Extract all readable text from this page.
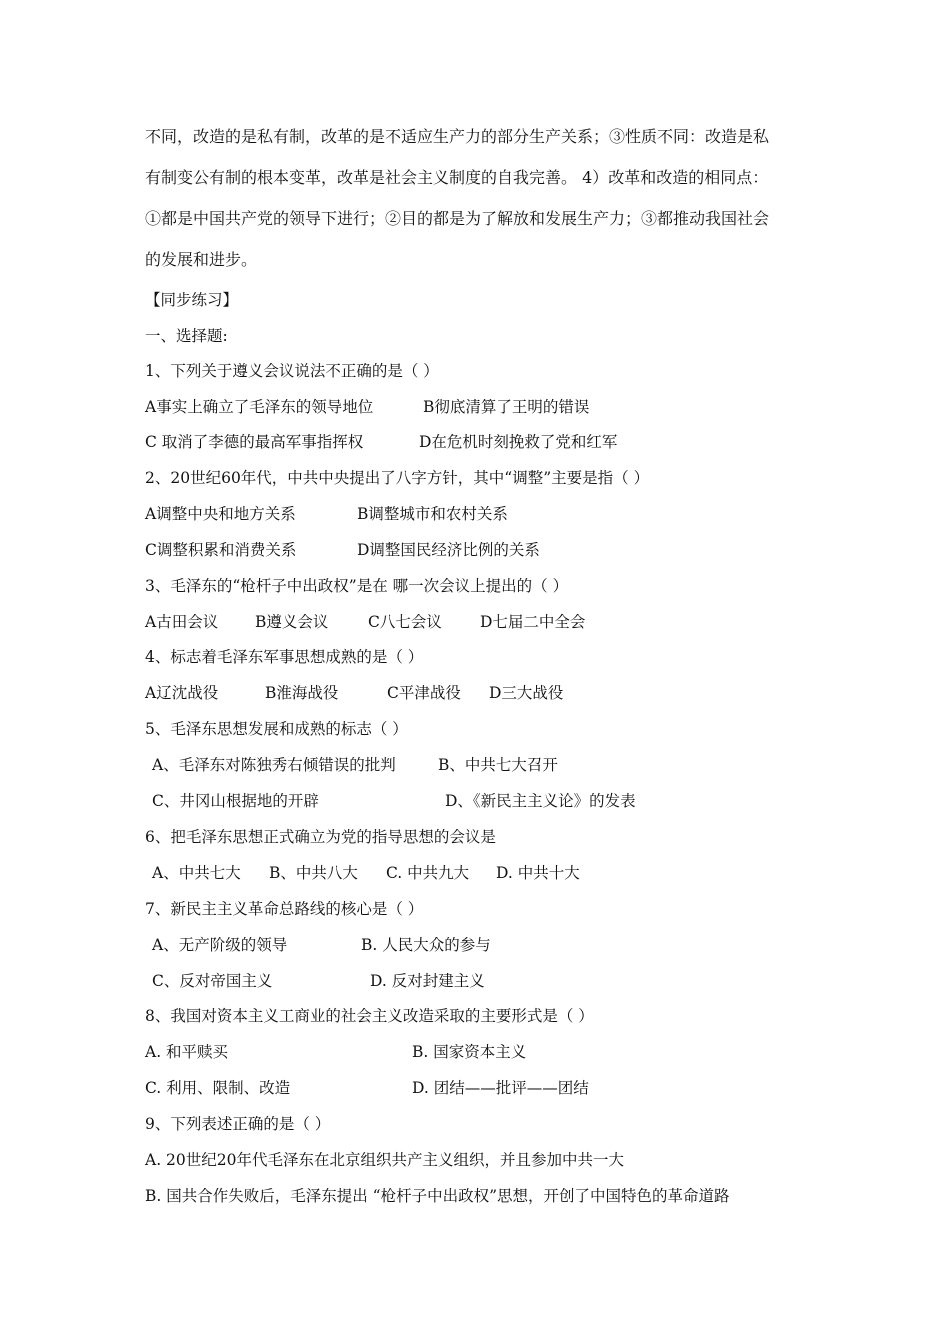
不同，改造的是私有制，改革的是不适应生产力的部分生产关系；③性质不同：改造是私
有制变公有制的根本变革，改革是社会主义制度的自我完善。 4）改革和改造的相同点：
①都是中国共产党的领导下进行；②目的都是为了解放和发展生产力；③都推动我国社会
的发展和进步。
【同步练习】
一、选择题:
1、下列关于遵义会议说法不正确的是（ ）
A事实上确立了毛泽东的领导地位	B彻底清算了王明的错误
C 取消了李德的最高军事指挥权	D在危机时刻挽救了党和红军
2、20世纪60年代，中共中央提出了八字方针，其中“调整”主要是指（ ）
A调整中央和地方关系	B调整城市和农村关系
C调整积累和消费关系	D调整国民经济比例的关系
3、毛泽东的“枪杆子中出政权”是在 哪一次会议上提出的（ ）
A古田会议 B遵义会议	C八七会议 D七届二中全会
4、标志着毛泽东军事思想成熟的是（ ）
A辽沈战役	B淮海战役	C平津战役 D三大战役
5、毛泽东思想发展和成熟的标志（ ）
A、毛泽东对陈独秀右倾错误的批判	B、中共七大召开
C、井冈山根据地的开辟	D、《新民主主义论》的发表
6、把毛泽东思想正式确立为党的指导思想的会议是
A、中共七大 B、中共八大 C. 中共九大 D. 中共十大
7、新民主主义革命总路线的核心是（ ）
A、无产阶级的领导	B. 人民大众的参与
C、反对帝国主义	D. 反对封建主义
8、我国对资本主义工商业的社会主义改造采取的主要形式是（ ）
A. 和平赎买	B. 国家资本主义
C. 利用、限制、改造	D. 团结——批评——团结
9、下列表述正确的是（ ）
A. 20世纪20年代毛泽东在北京组织共产主义组织，并且参加中共一大
B. 国共合作失败后，毛泽东提出 “枪杆子中出政权”思想，开创了中国特色的革命道路
